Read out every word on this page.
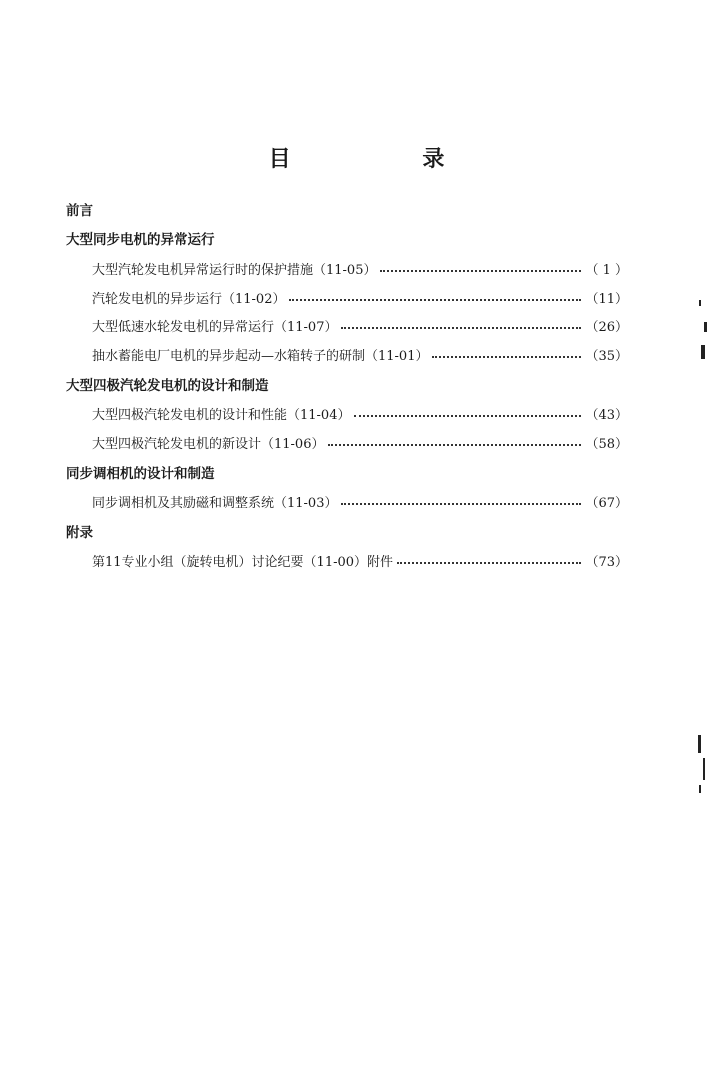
目 录
前言
大型同步电机的异常运行
大型汽轮发电机异常运行时的保护措施（11-05）	（ 1 ）
汽轮发电机的异步运行（11-02）	（11）
大型低速水轮发电机的异常运行（11-07）	（26）
抽水蓄能电厂电机的异步起动—水箱转子的研制（11-01）	（35）
大型四极汽轮发电机的设计和制造
大型四极汽轮发电机的设计和性能（11-04）	（43）
大型四极汽轮发电机的新设计（11-06）	（58）
同步调相机的设计和制造
同步调相机及其励磁和调整系统（11-03）	（67）
附录
第11专业小组（旋转电机）讨论纪要（11-00）附件	（73）
